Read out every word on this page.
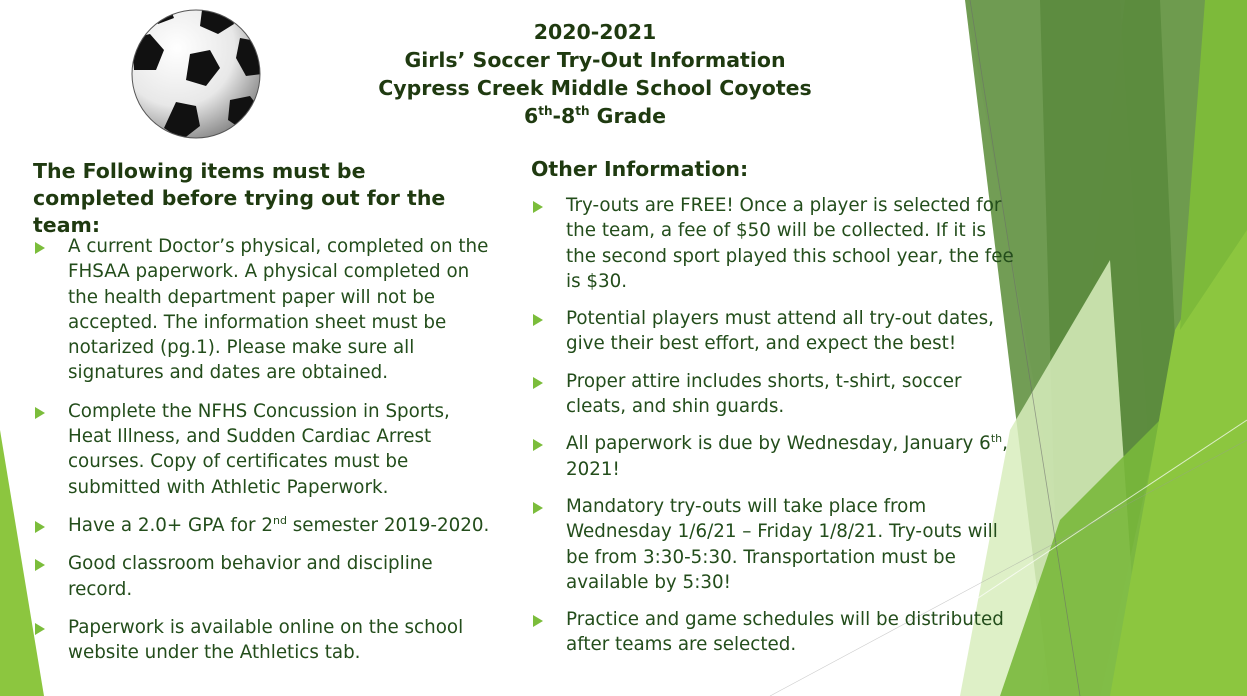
2020-2021
Girls’ Soccer Try-Out Information
Cypress Creek Middle School Coyotes
6th-8th Grade
The Following items must be completed before trying out for the team:
A current Doctor’s physical, completed on the FHSAA paperwork. A physical completed on the health department paper will not be accepted. The information sheet must be notarized (pg.1). Please make sure all signatures and dates are obtained.
Complete the NFHS Concussion in Sports, Heat Illness, and Sudden Cardiac Arrest courses. Copy of certificates must be submitted with Athletic Paperwork.
Have a 2.0+ GPA for 2nd semester 2019-2020.
Good classroom behavior and discipline record.
Paperwork is available online on the school website under the Athletics tab.
Other Information:
Try-outs are FREE! Once a player is selected for the team, a fee of $50 will be collected. If it is the second sport played this school year, the fee is $30.
Potential players must attend all try-out dates, give their best effort, and expect the best!
Proper attire includes shorts, t-shirt, soccer cleats, and shin guards.
All paperwork is due by Wednesday, January 6th, 2021!
Mandatory try-outs will take place from Wednesday 1/6/21 – Friday 1/8/21. Try-outs will be from 3:30-5:30. Transportation must be available by 5:30!
Practice and game schedules will be distributed after teams are selected.
